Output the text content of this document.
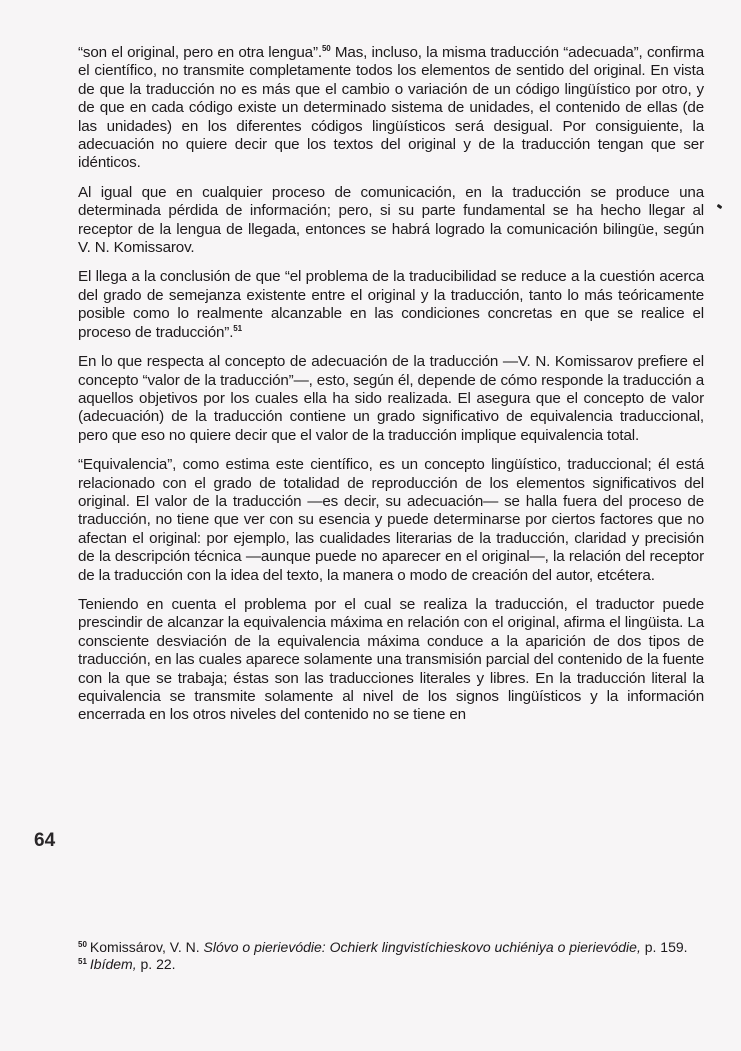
“son el original, pero en otra lengua”.$^{50}$ Mas, incluso, la misma traducción “adecuada”, confirma el científico, no transmite completamente todos los elementos de sentido del original. En vista de que la traducción no es más que el cambio o variación de un código lingüístico por otro, y de que en cada código existe un determinado sistema de unidades, el contenido de ellas (de las unidades) en los diferentes códigos lingüísticos será desigual. Por consiguiente, la adecuación no quiere decir que los textos del original y de la traducción tengan que ser idénticos.

Al igual que en cualquier proceso de comunicación, en la traducción se produce una determinada pérdida de información; pero, si su parte fundamental se ha hecho llegar al receptor de la lengua de llegada, entonces se habrá logrado la comunicación bilingüe, según V. N. Komissarov.

El llega a la conclusión de que “el problema de la traducibilidad se reduce a la cuestión acerca del grado de semejanza existente entre el original y la traducción, tanto lo más teóricamente posible como lo realmente alcanzable en las condiciones concretas en que se realice el proceso de traducción”.$^{51}$

En lo que respecta al concepto de adecuación de la traducción —V. N. Komissarov prefiere el concepto “valor de la traducción”—, esto, según él, depende de cómo responde la traducción a aquellos objetivos por los cuales ella ha sido realizada. El asegura que el concepto de valor (adecuación) de la traducción contiene un grado significativo de equivalencia traduccional, pero que eso no quiere decir que el valor de la traducción implique equivalencia total.

“Equivalencia”, como estima este científico, es un concepto lingüístico, traduccional; él está relacionado con el grado de totalidad de reproducción de los elementos significativos del original. El valor de la traducción —es decir, su adecuación— se halla fuera del proceso de traducción, no tiene que ver con su esencia y puede determinarse por ciertos factores que no afectan el original: por ejemplo, las cualidades literarias de la traducción, claridad y precisión de la descripción técnica —aunque puede no aparecer en el original—, la relación del receptor de la traducción con la idea del texto, la manera o modo de creación del autor, etcétera.

Teniendo en cuenta el problema por el cual se realiza la traducción, el traductor puede prescindir de alcanzar la equivalencia máxima en relación con el original, afirma el lingüista. La consciente desviación de la equivalencia máxima conduce a la aparición de dos tipos de traducción, en las cuales aparece solamente una transmisión parcial del contenido de la fuente con la que se trabaja; éstas son las traducciones literales y libres. En la traducción literal la equivalencia se transmite solamente al nivel de los signos lingüísticos y la información encerrada en los otros niveles del contenido no se tiene en

64

$^{50}$ Komissárov, V. N. Slóvo o pierievódie: Ochierk lingvistíchieskovo uchiéniya o pierievódie, p. 159.

$^{51}$ Ibídem, p. 22.
